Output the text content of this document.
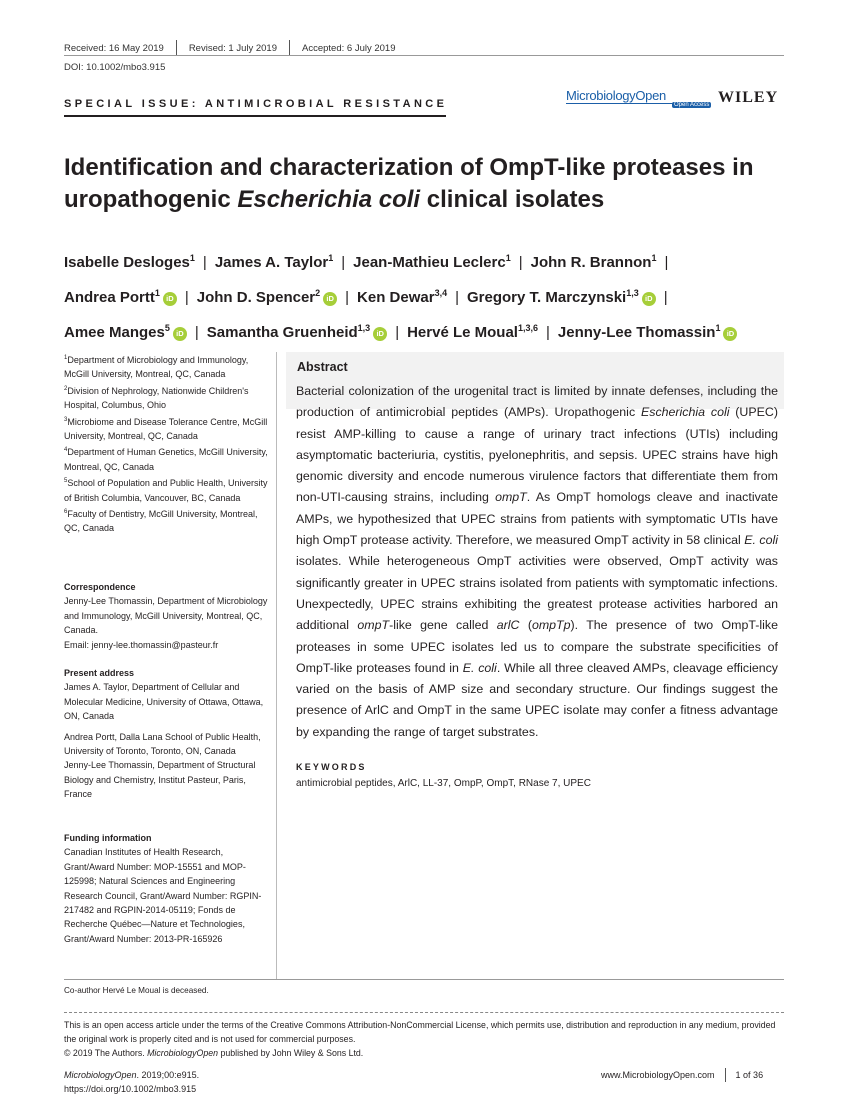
Received: 16 May 2019	Revised: 1 July 2019	Accepted: 6 July 2019
DOI: 10.1002/mbo3.915
SPECIAL ISSUE: ANTIMICROBIAL RESISTANCE
MicrobiologyOpen
Open Access WILEY
Identification and characterization of OmpT-like proteases in uropathogenic Escherichia coli clinical isolates
Isabelle Desloges$^1$ | James A. Taylor$^1$ | Jean-Mathieu Leclerc$^1$ | John R. Brannon$^1$ |
Andrea Portt$^1$iD | John D. Spencer$^2$iD | Ken Dewar$^{3,4}$ | Gregory T. Marczynski$^{1,3}$iD |
Amee Manges$^5$iD | Samantha Gruenheid$^{1,3}$iD | Hervé Le Moual$^{1,3,6}$ | Jenny-Lee Thomassin$^1$iD
$^1$Department of Microbiology and Immunology, McGill University, Montreal, QC, Canada
$^2$Division of Nephrology, Nationwide Children's Hospital, Columbus, Ohio
$^3$Microbiome and Disease Tolerance Centre, McGill University, Montreal, QC, Canada
$^4$Department of Human Genetics, McGill University, Montreal, QC, Canada
$^5$School of Population and Public Health, University of British Columbia, Vancouver, BC, Canada
$^6$Faculty of Dentistry, McGill University, Montreal, QC, Canada
Correspondence
Jenny-Lee Thomassin, Department of Microbiology and Immunology, McGill University, Montreal, QC, Canada.
Email: jenny-lee.thomassin@pasteur.fr
Present address
James A. Taylor, Department of Cellular and Molecular Medicine, University of Ottawa, Ottawa, ON, Canada
Andrea Portt, Dalla Lana School of Public Health, University of Toronto, Toronto, ON, Canada
Jenny-Lee Thomassin, Department of Structural Biology and Chemistry, Institut Pasteur, Paris, France
Funding information
Canadian Institutes of Health Research, Grant/Award Number: MOP-15551 and MOP-125998; Natural Sciences and Engineering Research Council, Grant/Award Number: RGPIN-217482 and RGPIN-2014-05119; Fonds de Recherche Québec—Nature et Technologies, Grant/Award Number: 2013-PR-165926
Abstract
Bacterial colonization of the urogenital tract is limited by innate defenses, including the production of antimicrobial peptides (AMPs). Uropathogenic Escherichia coli (UPEC) resist AMP-killing to cause a range of urinary tract infections (UTIs) including asymptomatic bacteriuria, cystitis, pyelonephritis, and sepsis. UPEC strains have high genomic diversity and encode numerous virulence factors that differentiate them from non-UTI-causing strains, including ompT. As OmpT homologs cleave and inactivate AMPs, we hypothesized that UPEC strains from patients with symptomatic UTIs have high OmpT protease activity. Therefore, we measured OmpT activity in 58 clinical E. coli isolates. While heterogeneous OmpT activities were observed, OmpT activity was significantly greater in UPEC strains isolated from patients with symptomatic infections. Unexpectedly, UPEC strains exhibiting the greatest protease activities harbored an additional ompT-like gene called arlC (ompTp). The presence of two OmpT-like proteases in some UPEC isolates led us to compare the substrate specificities of OmpT-like proteases found in E. coli. While all three cleaved AMPs, cleavage efficiency varied on the basis of AMP size and secondary structure. Our findings suggest the presence of ArlC and OmpT in the same UPEC isolate may confer a fitness advantage by expanding the range of target substrates.
KEYWORDS
antimicrobial peptides, ArlC, LL-37, OmpP, OmpT, RNase 7, UPEC
Co-author Hervé Le Moual is deceased.
This is an open access article under the terms of the Creative Commons Attribution-NonCommercial License, which permits use, distribution and reproduction in any medium, provided the original work is properly cited and is not used for commercial purposes.
© 2019 The Authors. MicrobiologyOpen published by John Wiley & Sons Ltd.
MicrobiologyOpen. 2019;00:e915.
https://doi.org/10.1002/mbo3.915
www.MicrobiologyOpen.com 1 of 36
